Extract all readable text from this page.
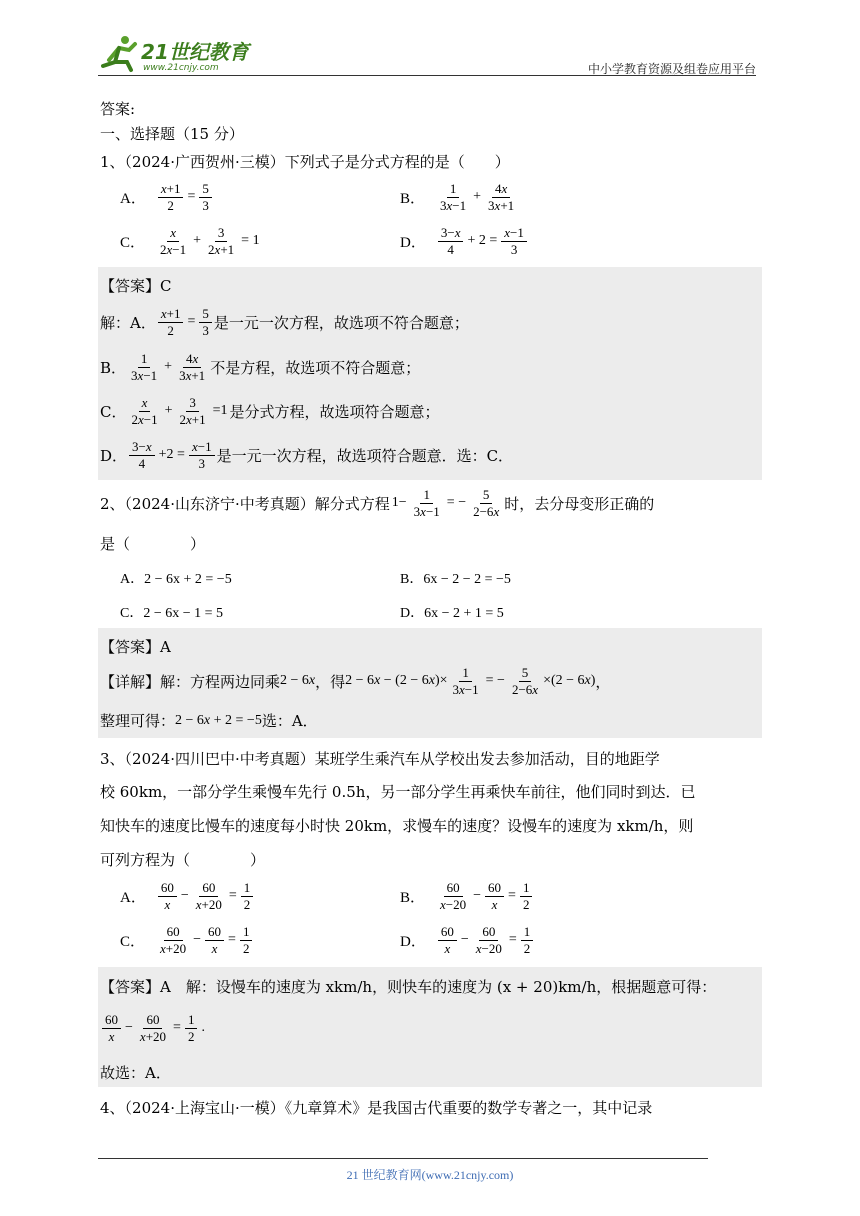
21世纪教育
www.21cnjy.com	中小学教育资源及组卷应用平台
答案:
一、选择题（15 分）
1、（2024·广西贺州·三模）下列式子是分式方程的是（　　）
A． $\frac{x+1}{2} = \frac{5}{3}$	B． $\frac{1}{3x-1} + \frac{4x}{3x+1}$
C． $\frac{x}{2x-1} + \frac{3}{2x+1} = 1$	D． $\frac{3-x}{4} + 2 = \frac{x-1}{3}$
【答案】C
解：A． $\frac{x+1}{2} = \frac{5}{3}$ 是一元一次方程，故选项不符合题意；
B． $\frac{1}{3x-1} + \frac{4x}{3x+1}$ 不是方程，故选项不符合题意；
C． $\frac{x}{2x-1} + \frac{3}{2x+1} =1$ 是分式方程，故选项符合题意；
D． $\frac{3-x}{4} +2 = \frac{x-1}{3}$ 是一元一次方程，故选项符合题意．选：C．
2、（2024·山东济宁·中考真题）解分式方程 $1- \frac{1}{3x-1}$ = − $\frac{5}{2-6x}$ 时，去分母变形正确的
是（　　　　）
A．2 − 6x + 2 = −5	B．6x − 2 − 2 = −5
C．2 − 6x − 1 = 5	D．6x − 2 + 1 = 5
【答案】A
【详解】解：方程两边同乘 2 − 6x ，得 $2 - 6x - (2 - 6x)\times \frac{1}{3x-1}$ = − $\frac{5}{2-6x} \times(2 - 6x)$ ，
整理可得： 2 − 6x + 2 = −5 选：A．
3、（2024·四川巴中·中考真题）某班学生乘汽车从学校出发去参加活动，目的地距学
校 60km，一部分学生乘慢车先行 0.5h，另一部分学生再乘快车前往，他们同时到达．已
知快车的速度比慢车的速度每小时快 20km，求慢车的速度？设慢车的速度为 xkm/h，则
可列方程为（　　　　）
A． $\frac{60}{x} - \frac{60}{x+20} = \frac{1}{2}$	B． $\frac{60}{x-20} - \frac{60}{x} = \frac{1}{2}$
C． $\frac{60}{x+20} - \frac{60}{x} = \frac{1}{2}$	D． $\frac{60}{x} - \frac{60}{x-20} = \frac{1}{2}$
【答案】A　解：设慢车的速度为 xkm/h，则快车的速度为 (x + 20)km/h，根据题意可得：
$\frac{60}{x} - \frac{60}{x+20} = \frac{1}{2}$ .
故选：A．
4、（2024·上海宝山·一模）《九章算术》是我国古代重要的数学专著之一，其中记录
21 世纪教育网(www.21cnjy.com)
